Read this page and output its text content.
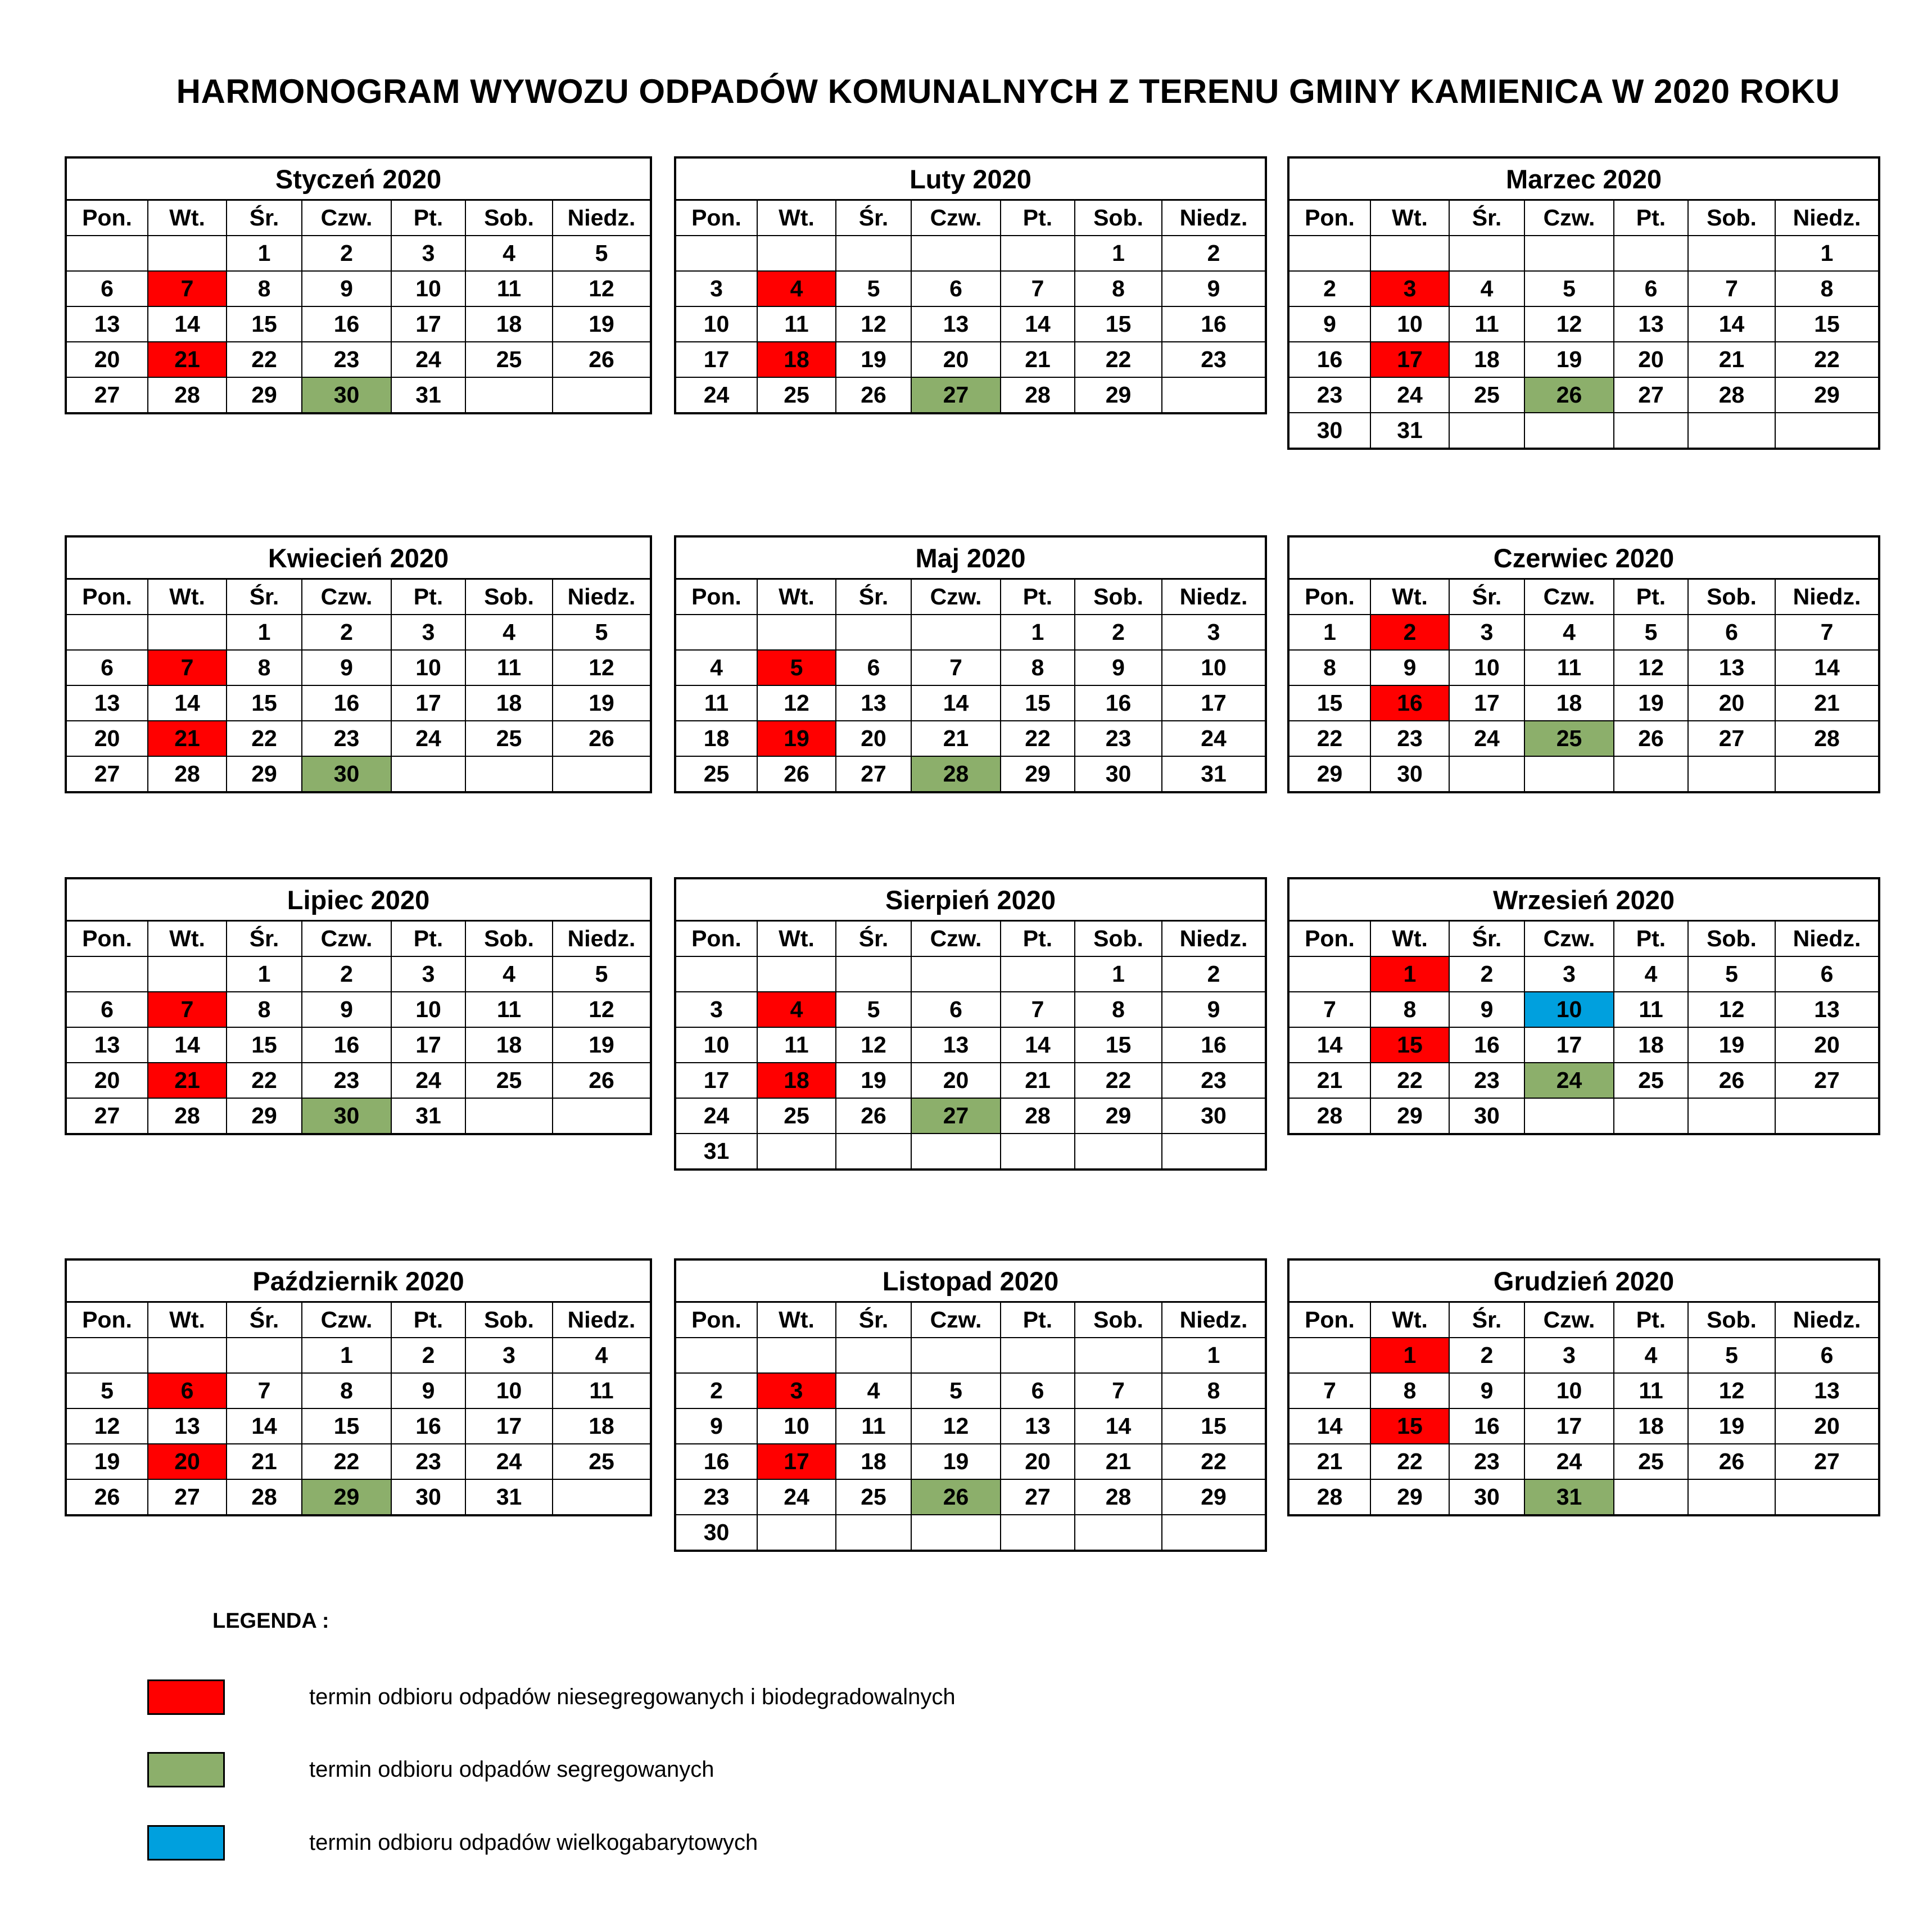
HARMONOGRAM WYWOZU ODPADÓW KOMUNALNYCH Z TERENU GMINY KAMIENICA W 2020 ROKU
Styczeń 2020						
Pon.	Wt.	Śr.	Czw.	Pt.	Sob.	Niedz.
		1	2	3	4	5
6	7	8	9	10	11	12
13	14	15	16	17	18	19
20	21	22	23	24	25	26
27	28	29	30	31		
Luty 2020						
Pon.	Wt.	Śr.	Czw.	Pt.	Sob.	Niedz.
					1	2
3	4	5	6	7	8	9
10	11	12	13	14	15	16
17	18	19	20	21	22	23
24	25	26	27	28	29	
Marzec 2020						
Pon.	Wt.	Śr.	Czw.	Pt.	Sob.	Niedz.
						1
2	3	4	5	6	7	8
9	10	11	12	13	14	15
16	17	18	19	20	21	22
23	24	25	26	27	28	29
30	31					
Kwiecień 2020						
Pon.	Wt.	Śr.	Czw.	Pt.	Sob.	Niedz.
		1	2	3	4	5
6	7	8	9	10	11	12
13	14	15	16	17	18	19
20	21	22	23	24	25	26
27	28	29	30			
Maj 2020						
Pon.	Wt.	Śr.	Czw.	Pt.	Sob.	Niedz.
				1	2	3
4	5	6	7	8	9	10
11	12	13	14	15	16	17
18	19	20	21	22	23	24
25	26	27	28	29	30	31
Czerwiec 2020						
Pon.	Wt.	Śr.	Czw.	Pt.	Sob.	Niedz.
1	2	3	4	5	6	7
8	9	10	11	12	13	14
15	16	17	18	19	20	21
22	23	24	25	26	27	28
29	30					
Lipiec 2020						
Pon.	Wt.	Śr.	Czw.	Pt.	Sob.	Niedz.
		1	2	3	4	5
6	7	8	9	10	11	12
13	14	15	16	17	18	19
20	21	22	23	24	25	26
27	28	29	30	31		
Sierpień 2020						
Pon.	Wt.	Śr.	Czw.	Pt.	Sob.	Niedz.
					1	2
3	4	5	6	7	8	9
10	11	12	13	14	15	16
17	18	19	20	21	22	23
24	25	26	27	28	29	30
31						
Wrzesień 2020						
Pon.	Wt.	Śr.	Czw.	Pt.	Sob.	Niedz.
	1	2	3	4	5	6
7	8	9	10	11	12	13
14	15	16	17	18	19	20
21	22	23	24	25	26	27
28	29	30				
Październik 2020						
Pon.	Wt.	Śr.	Czw.	Pt.	Sob.	Niedz.
			1	2	3	4
5	6	7	8	9	10	11
12	13	14	15	16	17	18
19	20	21	22	23	24	25
26	27	28	29	30	31	
Listopad 2020						
Pon.	Wt.	Śr.	Czw.	Pt.	Sob.	Niedz.
						1
2	3	4	5	6	7	8
9	10	11	12	13	14	15
16	17	18	19	20	21	22
23	24	25	26	27	28	29
30						
Grudzień 2020						
Pon.	Wt.	Śr.	Czw.	Pt.	Sob.	Niedz.
	1	2	3	4	5	6
7	8	9	10	11	12	13
14	15	16	17	18	19	20
21	22	23	24	25	26	27
28	29	30	31			
LEGENDA :
termin odbioru odpadów niesegregowanych i biodegradowalnych
termin odbioru odpadów segregowanych
termin odbioru odpadów wielkogabarytowych
